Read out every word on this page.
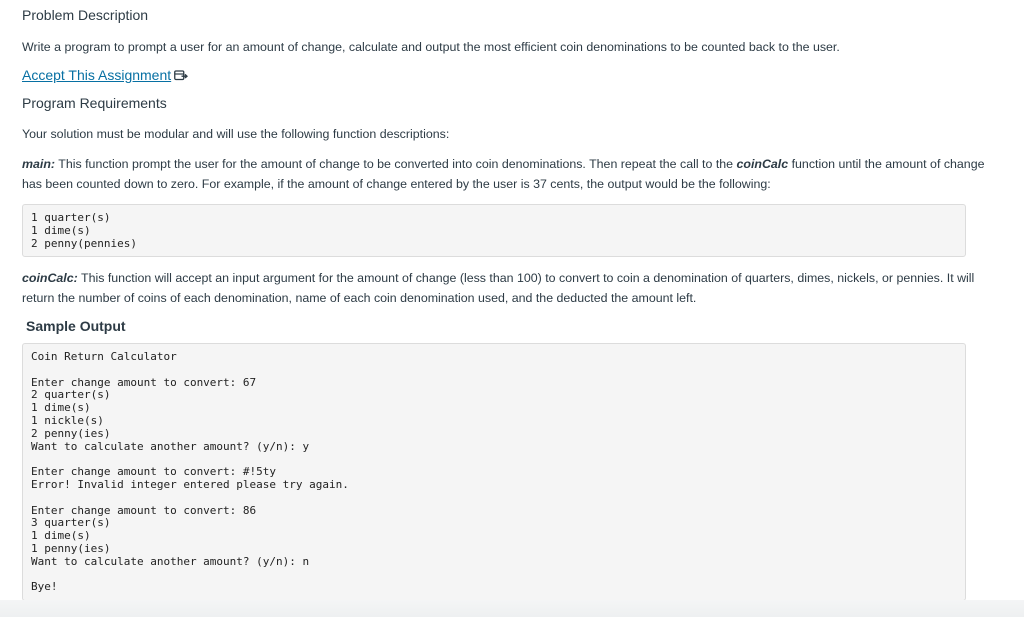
Problem Description

Write a program to prompt a user for an amount of change, calculate and output the most efficient coin denominations to be counted back to the user.

Accept This Assignment
Program Requirements

Your solution must be modular and will use the following function descriptions:

main: This function prompt the user for the amount of change to be converted into coin denominations. Then repeat the call to the coinCalc function until the amount of change has been counted down to zero. For example, if the amount of change entered by the user is 37 cents, the output would be the following:

1 quarter(s)
1 dime(s)
2 penny(pennies)

coinCalc: This function will accept an input argument for the amount of change (less than 100) to convert to coin a denomination of quarters, dimes, nickels, or pennies. It will return the number of coins of each denomination, name of each coin denomination used, and the deducted the amount left.

Sample Output
Coin Return Calculator

Enter change amount to convert: 67
2 quarter(s)
1 dime(s)
1 nickle(s)
2 penny(ies)
Want to calculate another amount? (y/n): y

Enter change amount to convert: #!5ty
Error! Invalid integer entered please try again.

Enter change amount to convert: 86
3 quarter(s)
1 dime(s)
1 penny(ies)
Want to calculate another amount? (y/n): n

Bye!
